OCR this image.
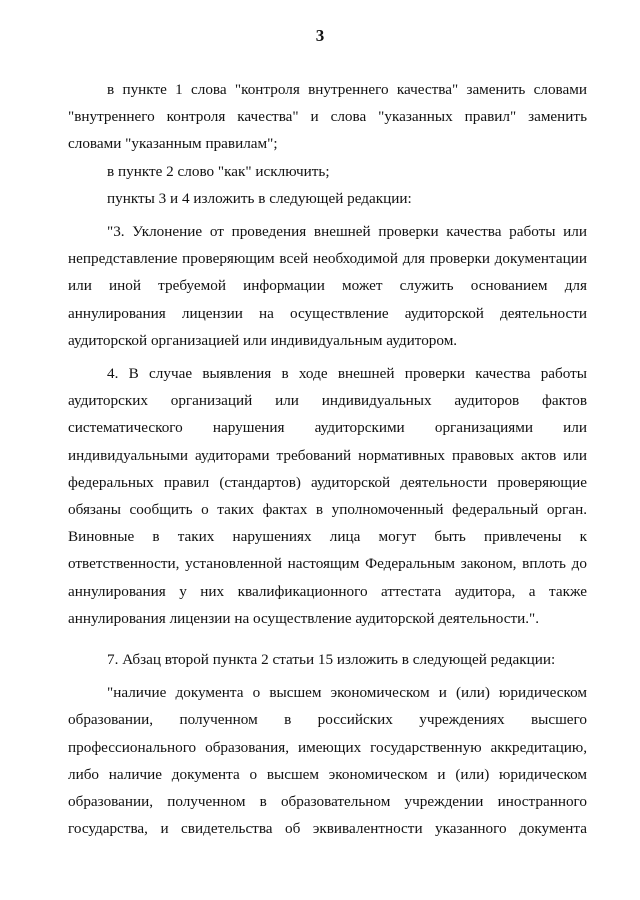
3

в пункте 1 слова "контроля внутреннего качества" заменить словами "внутреннего контроля качества" и слова "указанных правил" заменить словами "указанным правилам";

в пункте 2 слово "как" исключить;

пункты 3 и 4 изложить в следующей редакции:

"3. Уклонение от проведения внешней проверки качества работы или непредставление проверяющим всей необходимой для проверки документации или иной требуемой информации может служить основанием для аннулирования лицензии на осуществление аудиторской деятельности аудиторской организацией или индивидуальным аудитором.

4. В случае выявления в ходе внешней проверки качества работы аудиторских организаций или индивидуальных аудиторов фактов систематического нарушения аудиторскими организациями или индивидуальными аудиторами требований нормативных правовых актов или федеральных правил (стандартов) аудиторской деятельности проверяющие обязаны сообщить о таких фактах в уполномоченный федеральный орган. Виновные в таких нарушениях лица могут быть привлечены к ответственности, установленной настоящим Федеральным законом, вплоть до аннулирования у них квалификационного аттестата аудитора, а также аннулирования лицензии на осуществление аудиторской деятельности.".

7. Абзац второй пункта 2 статьи 15 изложить в следующей редакции:

"наличие документа о высшем экономическом и (или) юридическом образовании, полученном в российских учреждениях высшего профессионального образования, имеющих государственную аккредитацию, либо наличие документа о высшем экономическом и (или) юридическом образовании, полученном в образовательном учреждении иностранного государства, и свидетельства об эквивалентности указанного документа
